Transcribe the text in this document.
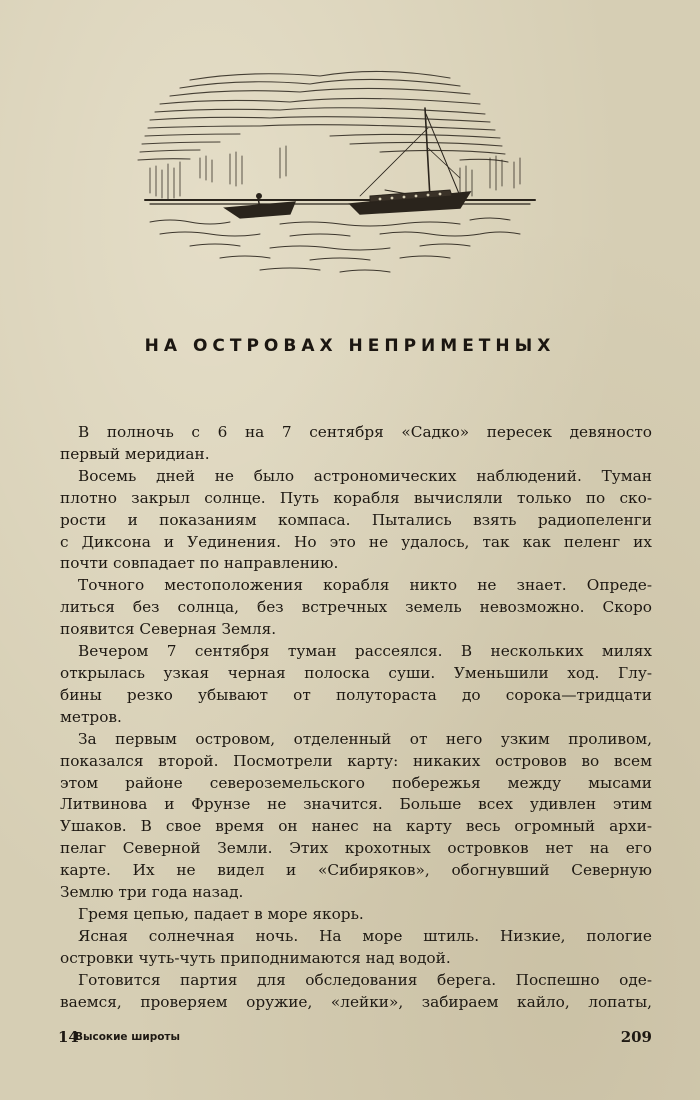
НА ОСТРОВАХ НЕПРИМЕТНЫХ
В полночь с 6 на 7 сентября «Садко» пересек девяносто
первый меридиан.
Восемь дней не было астрономических наблюдений. Туман
плотно закрыл солнце. Путь корабля вычисляли только по ско-
рости и показаниям компаса. Пытались взять радиопеленги
с Диксона и Уединения. Но это не удалось, так как пеленг их
почти совпадает по направлению.
Точного местоположения корабля никто не знает. Опреде-
литься без солнца, без встречных земель невозможно. Скоро
появится Северная Земля.
Вечером 7 сентября туман рассеялся. В нескольких милях
открылась узкая черная полоска суши. Уменьшили ход. Глу-
бины резко убывают от полутораста до сорока—тридцати
метров.
За первым островом, отделенный от него узким проливом,
показался второй. Посмотрели карту: никаких островов во всем
этом районе североземельского побережья между мысами
Литвинова и Фрунзе не значится. Больше всех удивлен этим
Ушаков. В свое время он нанес на карту весь огромный архи-
пелаг Северной Земли. Этих крохотных островков нет на его
карте. Их не видел и «Сибиряков», обогнувший Северную
Землю три года назад.
Гремя цепью, падает в море якорь.
Ясная солнечная ночь. На море штиль. Низкие, пологие
островки чуть-чуть приподнимаются над водой.
Готовится партия для обследования берега. Поспешно оде-
ваемся, проверяем оружие, «лейки», забираем кайло, лопаты,
14
Высокие широты	209
